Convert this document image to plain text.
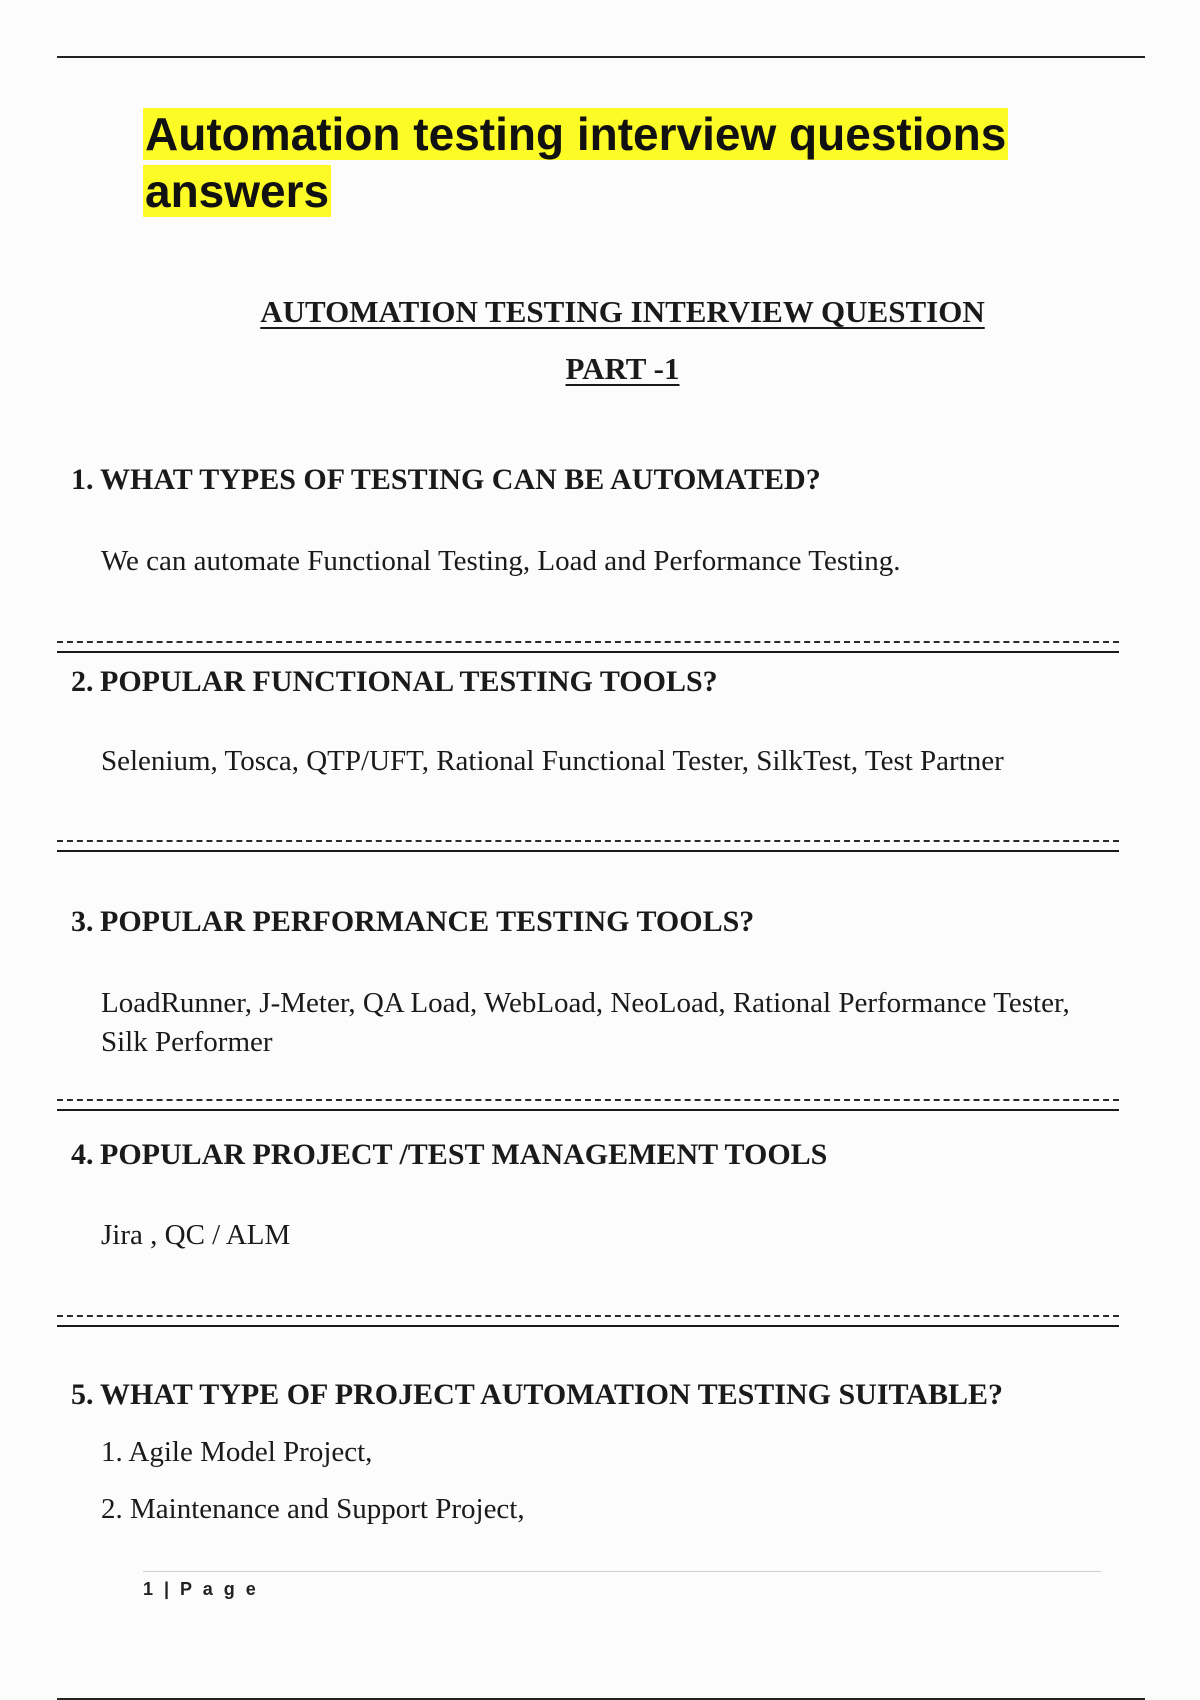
Automation testing interview questions answers
AUTOMATION TESTING INTERVIEW QUESTION
PART -1
1. WHAT TYPES OF TESTING CAN BE AUTOMATED?

We can automate Functional Testing, Load and Performance Testing.

2. POPULAR FUNCTIONAL TESTING TOOLS?

Selenium, Tosca, QTP/UFT, Rational Functional Tester, SilkTest, Test Partner

3. POPULAR PERFORMANCE TESTING TOOLS?

LoadRunner, J-Meter, QA Load, WebLoad, NeoLoad, Rational Performance Tester, Silk Performer

4. POPULAR PROJECT /TEST MANAGEMENT TOOLS

Jira , QC / ALM

5. WHAT TYPE OF PROJECT AUTOMATION TESTING SUITABLE?

1. Agile Model Project,

2. Maintenance and Support Project,

1 | P a g e
